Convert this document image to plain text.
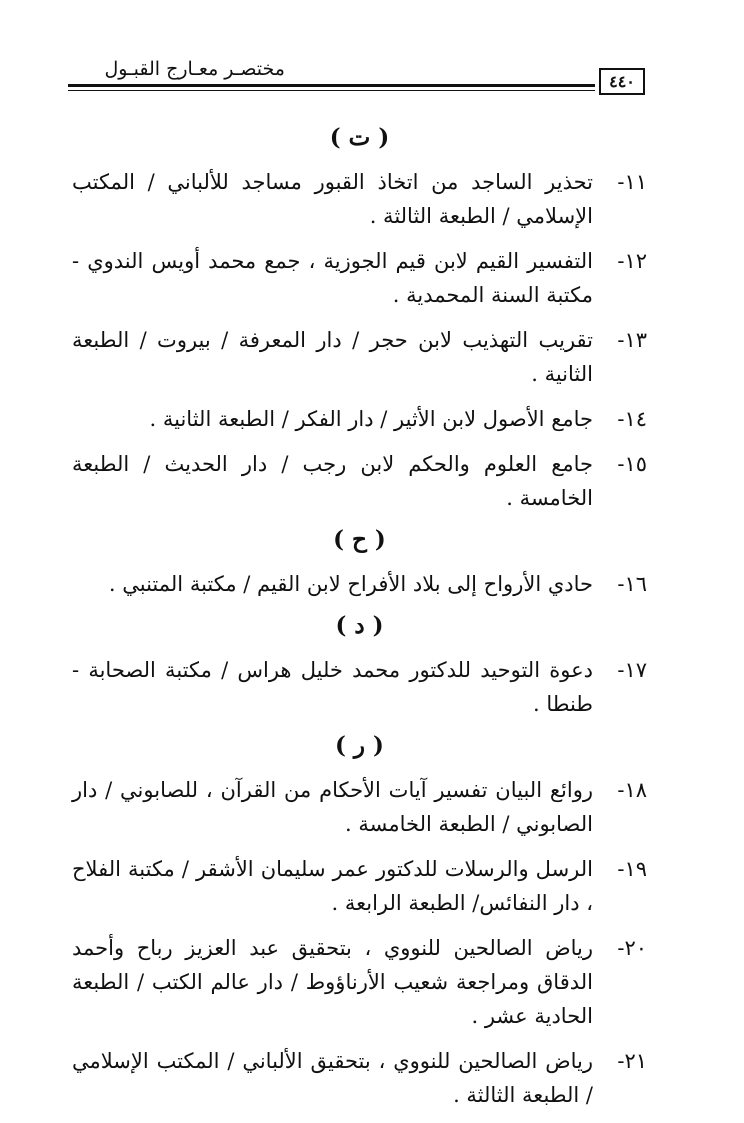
مختصـر معـارج القبـول
٤٤٠
( ت )
١١-
تحذير الساجد من اتخاذ القبور مساجد للألباني / المكتب الإسلامي / الطبعة الثالثة .
١٢-
التفسير القيم لابن قيم الجوزية ، جمع محمد أويس الندوي - مكتبة السنة المحمدية .
١٣-
تقريب التهذيب لابن حجر / دار المعرفة / بيروت / الطبعة الثانية .
١٤-
جامع الأصول لابن الأثير / دار الفكر / الطبعة الثانية .
١٥-
جامع العلوم والحكم لابن رجب / دار الحديث / الطبعة الخامسة .
( ح )
١٦-
حادي الأرواح إلى بلاد الأفراح لابن القيم / مكتبة المتنبي .
( د )
١٧-
دعوة التوحيد للدكتور محمد خليل هراس / مكتبة الصحابة - طنطا .
( ر )
١٨-
روائع البيان تفسير آيات الأحكام من القرآن ، للصابوني / دار الصابوني / الطبعة الخامسة .
١٩-
الرسل والرسلات للدكتور عمر سليمان الأشقر / مكتبة الفلاح ، دار النفائس/ الطبعة الرابعة .
٢٠-
رياض الصالحين للنووي ، بتحقيق عبد العزيز رباح وأحمد الدقاق ومراجعة شعيب الأرناؤوط / دار عالم الكتب / الطبعة الحادية عشر .
٢١-
رياض الصالحين للنووي ، بتحقيق الألباني / المكتب الإسلامي / الطبعة الثالثة .
